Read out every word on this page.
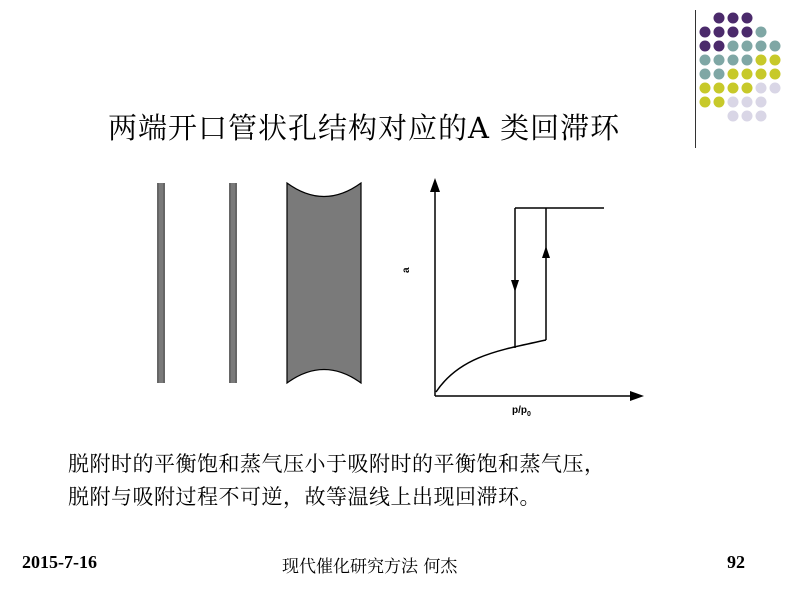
两端开口管状孔结构对应的A 类回滞环
a
$p/p_0$
脱附时的平衡饱和蒸气压小于吸附时的平衡饱和蒸气压，
脱附与吸附过程不可逆，故等温线上出现回滞环。
2015-7-16	现代催化研究方法 何杰	92
